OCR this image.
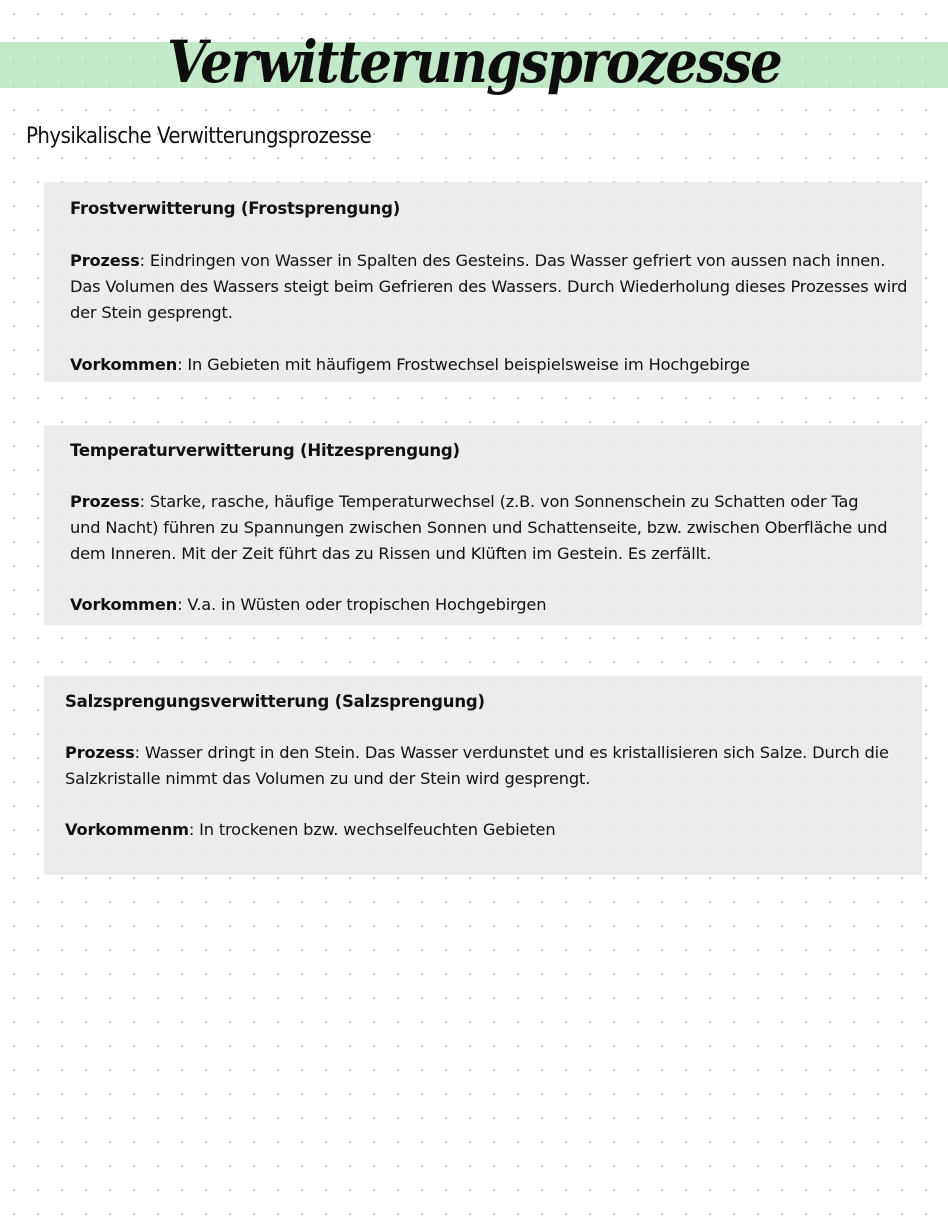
Verwitterungsprozesse
Physikalische Verwitterungsprozesse
Frostverwitterung (Frostsprengung)

Prozess: Eindringen von Wasser in Spalten des Gesteins. Das Wasser gefriert von aussen nach innen. Das Volumen des Wassers steigt beim Gefrieren des Wassers. Durch Wiederholung dieses Prozesses wird der Stein gesprengt.

Vorkommen: In Gebieten mit häufigem Frostwechsel beispielsweise im Hochgebirge

Temperaturverwitterung (Hitzesprengung)

Prozess: Starke, rasche, häufige Temperaturwechsel (z.B. von Sonnenschein zu Schatten oder Tag und Nacht) führen zu Spannungen zwischen Sonnen und Schattenseite, bzw. zwischen Oberfläche und dem Inneren. Mit der Zeit führt das zu Rissen und Klüften im Gestein. Es zerfällt.

Vorkommen: V.a. in Wüsten oder tropischen Hochgebirgen

Salzsprengungsverwitterung (Salzsprengung)

Prozess: Wasser dringt in den Stein. Das Wasser verdunstet und es kristallisieren sich Salze. Durch die Salzkristalle nimmt das Volumen zu und der Stein wird gesprengt.

Vorkommenm: In trockenen bzw. wechselfeuchten Gebieten
